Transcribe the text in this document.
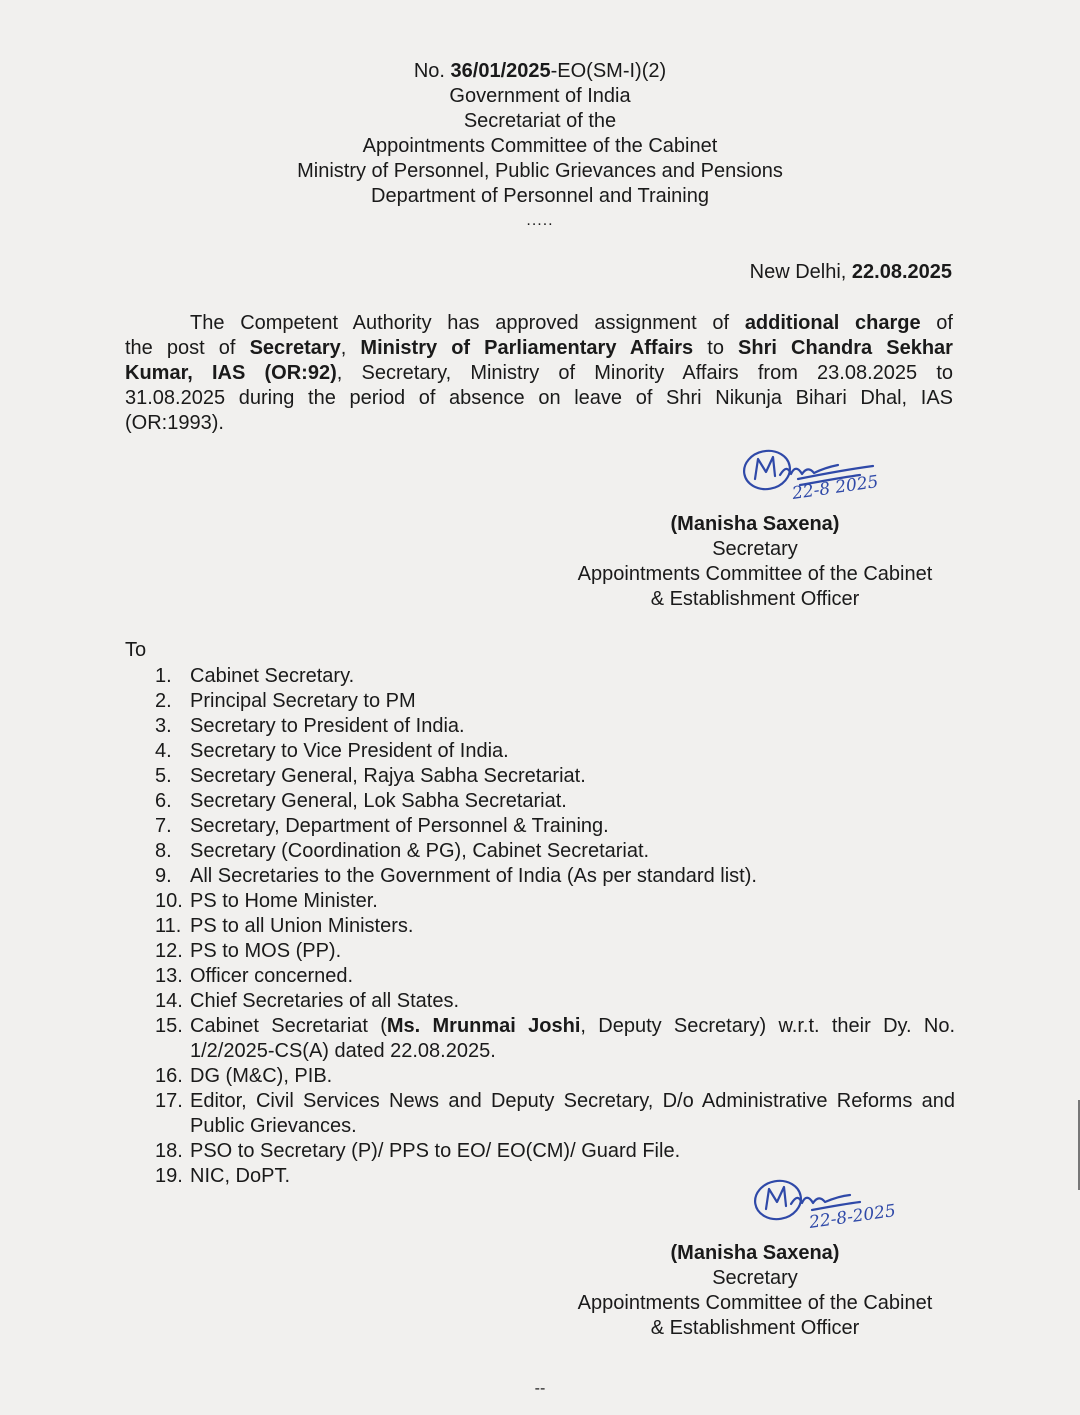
No. 36/01/2025-EO(SM-I)(2)
Government of India
Secretariat of the
Appointments Committee of the Cabinet
Ministry of Personnel, Public Grievances and Pensions
Department of Personnel and Training
.....
New Delhi, 22.08.2025
The Competent Authority has approved assignment of additional charge of
the post of Secretary, Ministry of Parliamentary Affairs to Shri Chandra Sekhar
Kumar, IAS (OR:92), Secretary, Ministry of Minority Affairs from 23.08.2025 to
31.08.2025 during the period of absence on leave of Shri Nikunja Bihari Dhal, IAS
(OR:1993).
22-8 2025
(Manisha Saxena)
Secretary
Appointments Committee of the Cabinet
& Establishment Officer
To
1. Cabinet Secretary.
2. Principal Secretary to PM
3. Secretary to President of India.
4. Secretary to Vice President of India.
5. Secretary General, Rajya Sabha Secretariat.
6. Secretary General, Lok Sabha Secretariat.
7. Secretary, Department of Personnel & Training.
8. Secretary (Coordination & PG), Cabinet Secretariat.
9. All Secretaries to the Government of India (As per standard list).
10. PS to Home Minister.
11. PS to all Union Ministers.
12. PS to MOS (PP).
13. Officer concerned.
14. Chief Secretaries of all States.
15. Cabinet Secretariat (Ms. Mrunmai Joshi, Deputy Secretary) w.r.t. their Dy. No. 1/2/2025-CS(A) dated 22.08.2025.
16. DG (M&C), PIB.
17. Editor, Civil Services News and Deputy Secretary, D/o Administrative Reforms and Public Grievances.
18. PSO to Secretary (P)/ PPS to EO/ EO(CM)/ Guard File.
19. NIC, DoPT.
22-8-2025
(Manisha Saxena)
Secretary
Appointments Committee of the Cabinet
& Establishment Officer
--
